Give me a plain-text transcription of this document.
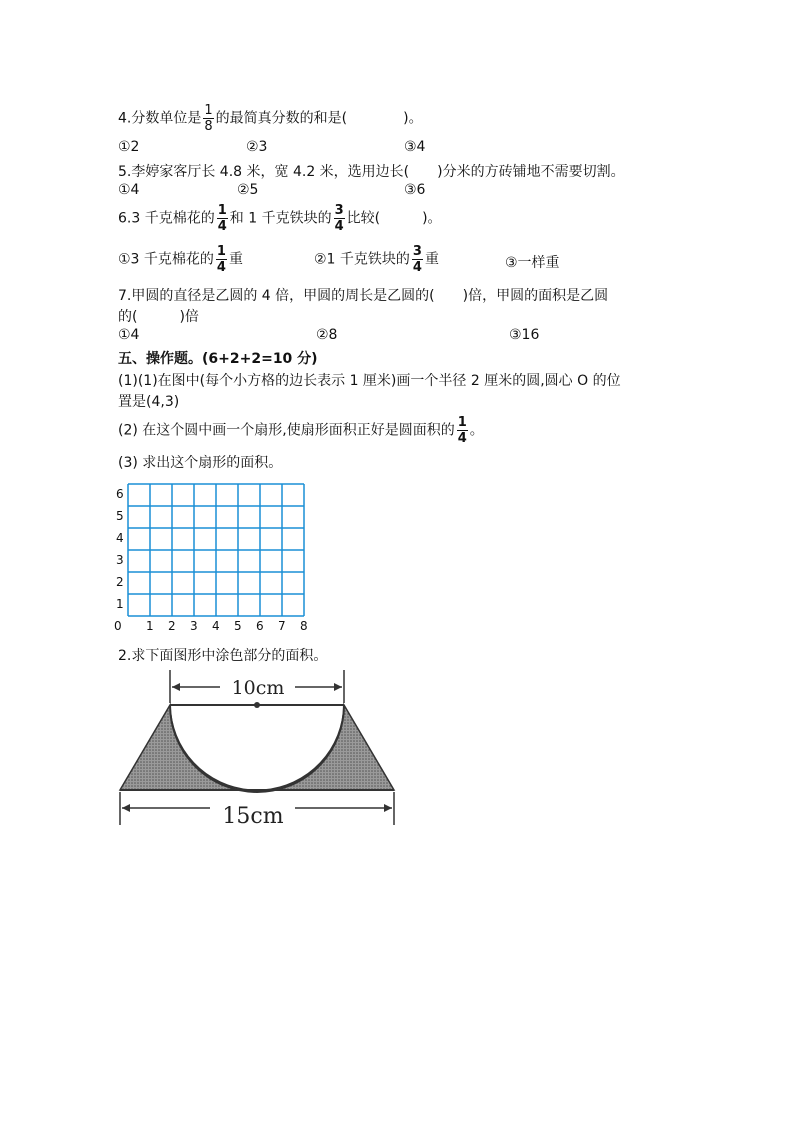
4.分数单位是 $\frac{1}{8}$ 的最简真分数的和是(　　　　)。
①2	②3	③4
5.李婷家客厅长 4.8 米，宽 4.2 米，选用边长(　　)分米的方砖铺地不需要切割。
①4	②5	③6
6.3 千克棉花的 $\frac{1}{4}$ 和 1 千克铁块的 $\frac{3}{4}$ 比较(　　　)。
①3 千克棉花的 $\frac{1}{4}$ 重	②1 千克铁块的 $\frac{3}{4}$ 重	③一样重
7.甲圆的直径是乙圆的 4 倍，甲圆的周长是乙圆的(　　)倍，甲圆的面积是乙圆
的(　　　)倍
①4	②8	③16
五、操作题。(6+2+2=10 分)
(1)(1)在图中(每个小方格的边长表示 1 厘米)画一个半径 2 厘米的圆,圆心 O 的位
置是(4,3)
(2) 在这个圆中画一个扇形,使扇形面积正好是圆面积的 $\frac{1}{4}$ 。
(3) 求出这个扇形的面积。
0 1 2 3 4 5 6 7 8
1
2
3
4
5
6
2.求下面图形中涂色部分的面积。
10cm
15cm
